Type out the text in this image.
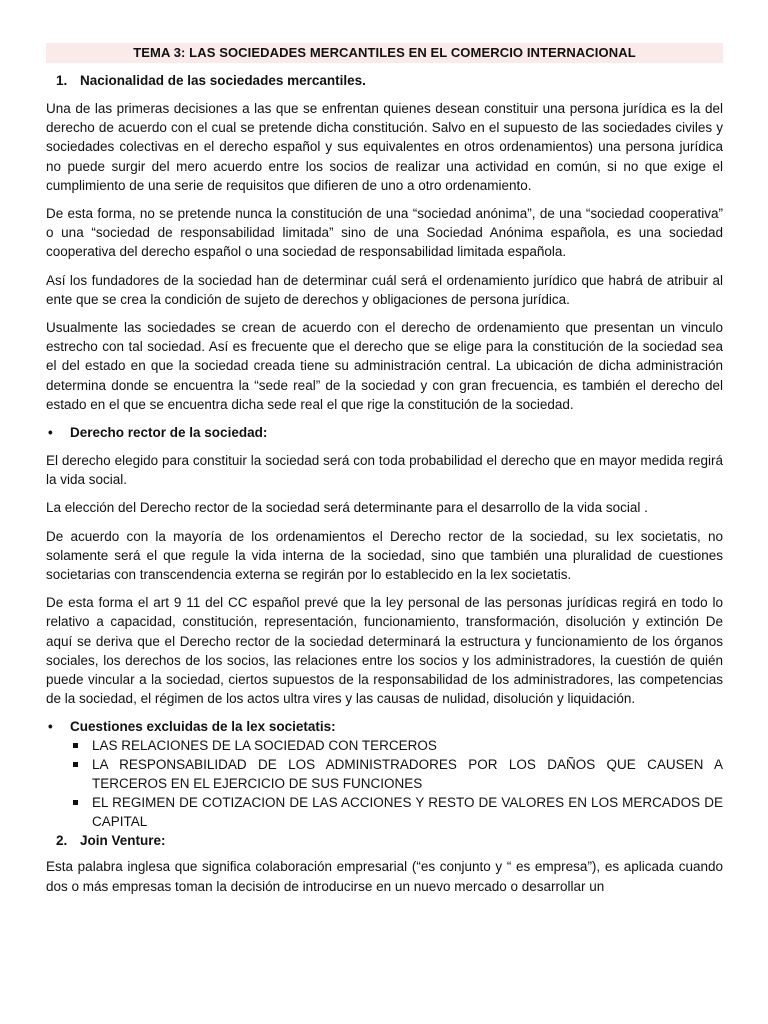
TEMA 3: LAS SOCIEDADES MERCANTILES EN EL COMERCIO INTERNACIONAL
1. Nacionalidad de las sociedades mercantiles.

Una de las primeras decisiones a las que se enfrentan quienes desean constituir una persona jurídica es la del derecho de acuerdo con el cual se pretende dicha constitución. Salvo en el supuesto de las sociedades civiles y sociedades colectivas en el derecho español y sus equivalentes en otros ordenamientos) una persona jurídica no puede surgir del mero acuerdo entre los socios de realizar una actividad en común, si no que exige el cumplimiento de una serie de requisitos que difieren de uno a otro ordenamiento.

De esta forma, no se pretende nunca la constitución de una “sociedad anónima”, de una “sociedad cooperativa” o una “sociedad de responsabilidad limitada” sino de una Sociedad Anónima española, es una sociedad cooperativa del derecho español o una sociedad de responsabilidad limitada española.

Así los fundadores de la sociedad han de determinar cuál será el ordenamiento jurídico que habrá de atribuir al ente que se crea la condición de sujeto de derechos y obligaciones de persona jurídica.

Usualmente las sociedades se crean de acuerdo con el derecho de ordenamiento que presentan un vinculo estrecho con tal sociedad. Así es frecuente que el derecho que se elige para la constitución de la sociedad sea el del estado en que la sociedad creada tiene su administración central. La ubicación de dicha administración determina donde se encuentra la “sede real” de la sociedad y con gran frecuencia, es también el derecho del estado en el que se encuentra dicha sede real el que rige la constitución de la sociedad.

• Derecho rector de la sociedad:

El derecho elegido para constituir la sociedad será con toda probabilidad el derecho que en mayor medida regirá la vida social.

La elección del Derecho rector de la sociedad será determinante para el desarrollo de la vida social .

De acuerdo con la mayoría de los ordenamientos el Derecho rector de la sociedad, su lex societatis, no solamente será el que regule la vida interna de la sociedad, sino que también una pluralidad de cuestiones societarias con transcendencia externa se regirán por lo establecido en la lex societatis.

De esta forma el art 9 11 del CC español prevé que la ley personal de las personas jurídicas regirá en todo lo relativo a capacidad, constitución, representación, funcionamiento, transformación, disolución y extinción De aquí se deriva que el Derecho rector de la sociedad determinará la estructura y funcionamiento de los órganos sociales, los derechos de los socios, las relaciones entre los socios y los administradores, la cuestión de quién puede vincular a la sociedad, ciertos supuestos de la responsabilidad de los administradores, las competencias de la sociedad, el régimen de los actos ultra vires y las causas de nulidad, disolución y liquidación.

• Cuestiones excluidas de la lex societatis:
LAS RELACIONES DE LA SOCIEDAD CON TERCEROS
LA RESPONSABILIDAD DE LOS ADMINISTRADORES POR LOS DAÑOS QUE CAUSEN A TERCEROS EN EL EJERCICIO DE SUS FUNCIONES
EL REGIMEN DE COTIZACION DE LAS ACCIONES Y RESTO DE VALORES EN LOS MERCADOS DE CAPITAL
2. Join Venture:

Esta palabra inglesa que significa colaboración empresarial (“es conjunto y “ es empresa”), es aplicada cuando dos o más empresas toman la decisión de introducirse en un nuevo mercado o desarrollar un
